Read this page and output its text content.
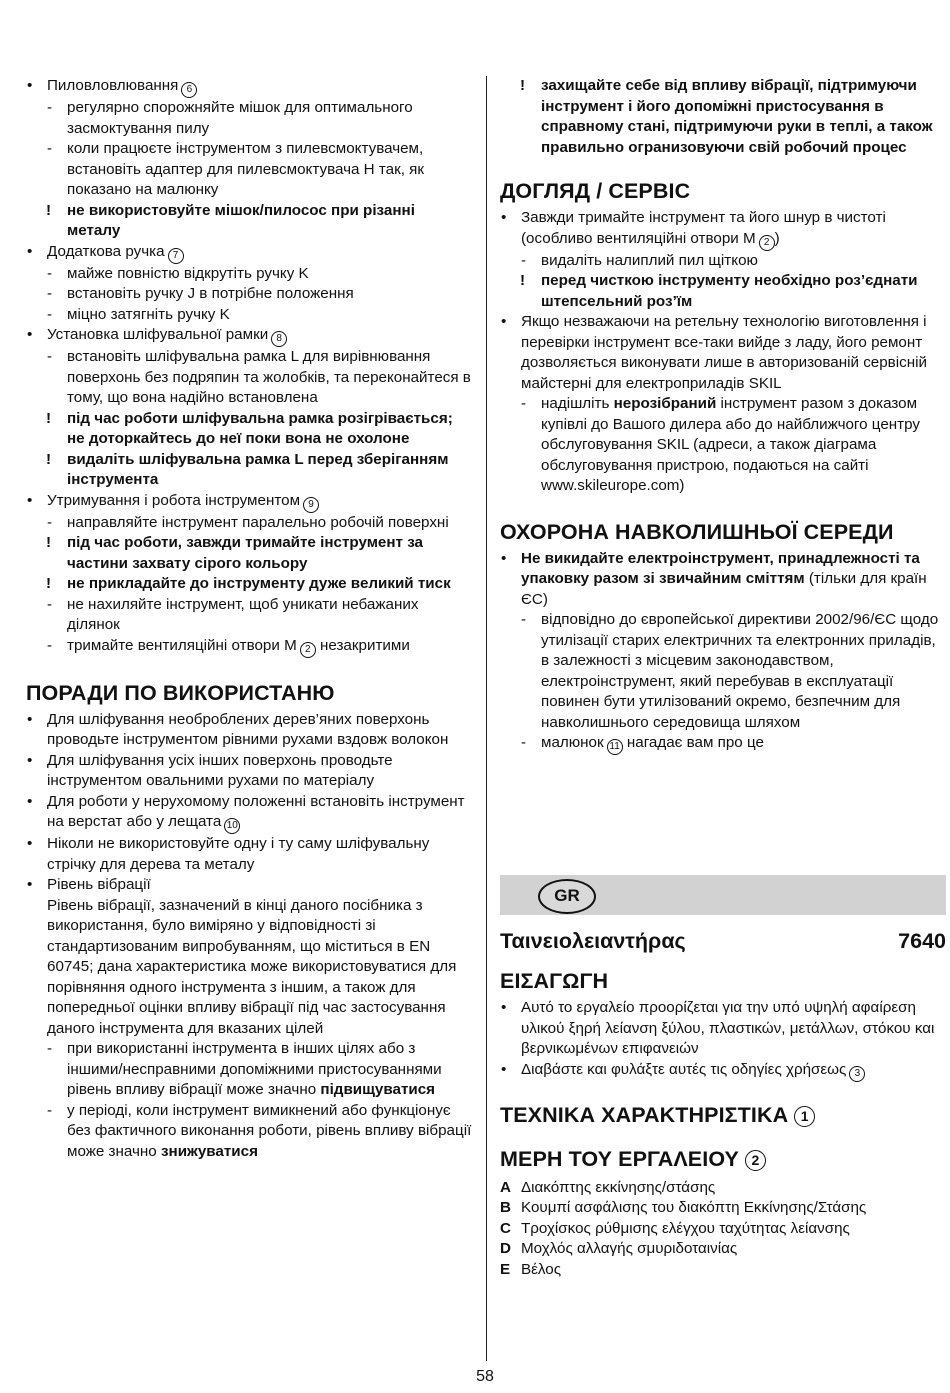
• Пиловловлювання 6
- регулярно спорожняйте мішок для оптимального засмоктування пилу
- коли працюєте інструментом з пилевсмоктувачем, встановіть адаптер для пилевсмоктувача H так, як показано на малюнку
! не використовуйте мішок/пилосос при різанні металу
• Додаткова ручка 7
- майже повністю відкрутіть ручку K
- встановіть ручку J в потрібне положення
- міцно затягніть ручку K
• Установка шліфувальної рамки 8
- встановіть шліфувальна рамка L для вирівнювання поверхонь без подряпин та жолобків, та переконайтеся в тому, що вона надійно встановлена
! під час роботи шліфувальна рамка розігрівається; не доторкайтесь до неї поки вона не охолоне
! видаліть шліфувальна рамка L перед зберіганням інструмента
• Утримування і робота інструментом 9
- направляйте інструмент паралельно робочій поверхні
! під час роботи, завжди тримайте інструмент за частини захвату сірого кольору
! не прикладайте до інструменту дуже великий тиск
- не нахиляйте інструмент, щоб уникати небажаних ділянок
- тримайте вентиляційні отвори M 2 незакритими
ПОРАДИ ПО ВИКОРИСТАНЮ
• Для шліфування необроблених дерев’яних поверхонь проводьте інструментом рівними рухами вздовж волокон
• Для шліфування усіх інших поверхонь проводьте інструментом овальними рухами по матеріалу
• Для роботи у нерухомому положенні встановіть інструмент на верстат або у лещата 10
• Ніколи не використовуйте одну і ту саму шліфувальну стрічку для дерева та металу
• Рівень вібрації
Рівень вібрації, зазначений в кінці даного посібника з використання, було виміряно у відповідності зі стандартизованим випробуванням, що міститься в EN 60745; дана характеристика може використовуватися для порівняння одного інструмента з іншим, а також для попередньої оцінки впливу вібрації під час застосування даного інструмента для вказаних цілей
- при використанні інструмента в інших цілях або з іншими/несправними допоміжними пристосуваннями рівень впливу вібрації може значно підвищуватися
- у періоді, коли інструмент вимикнений або функціонує без фактичного виконання роботи, рівень впливу вібрації може значно знижуватися
! захищайте себе від впливу вібрації, підтримуючи інструмент і його допоміжні пристосування в справному стані, підтримуючи руки в теплі, а також правильно огранизовуючи свій робочий процес
ДОГЛЯД / СЕРВІС
• Завжди тримайте інструмент та його шнур в чистоті (особливо вентиляційні отвори M 2 )
- видаліть налиплий пил щіткою
! перед чисткою інструменту необхідно роз’єднати штепсельний роз’їм
• Якщо незважаючи на ретельну технологію виготовлення і перевірки інструмент все-таки вийде з ладу, його ремонт дозволяється виконувати лише в авторизованій сервісній майстерні для електроприладів SKIL
- надішліть нерозібраний інструмент разом з доказом купівлі до Вашого дилера або до найближчого центру обслуговування SKIL (адреси, а також діаграма обслуговування пристрою, подаються на сайті www.skileurope.com)
ОХОРОНА НАВКОЛИШНЬОЇ СЕРЕДИ
• Не викидайте електроінструмент, принадлежності та упаковку разом зі звичайним сміттям (тільки для країн ЄС)
- відповідно до європейської директиви 2002/96/ЄС щодо утилізації старих електричних та електронних приладів, в залежності з місцевим законодавством, електроінструмент, який перебував в експлуатації повинен бути утилізований окремо, безпечним для навколишнього середовища шляхом
- малюнок 11 нагадає вам про це
GR
Ταινειολειαντήρας	7640
ΕΙΣΑΓΩΓΗ
• Αυτό το εργαλείο προορίζεται για την υπό υψηλή αφαίρεση υλικού ξηρή λείανση ξύλου, πλαστικών, μετάλλων, στόκου και βερνικωμένων επιφανειών
• Διαβάστε και φυλάξτε αυτές τις οδηγίες χρήσεως 3
ΤΕΧΝΙΚΑ ΧΑΡΑΚΤΗΡΙΣΤΙΚΑ 1
ΜΕΡΗ ΤΟΥ ΕΡΓΑΛΕΙΟΥ 2
A Διακόπτης εκκίνησης/στάσης
B Κουμπί ασφάλισης του διακόπτη Εκκίνησης/Στάσης
C Τροχίσκος ρύθμισης ελέγχου ταχύτητας λείανσης
D Μοχλός αλλαγής σμυριδοταινίας
E Βέλος
58
